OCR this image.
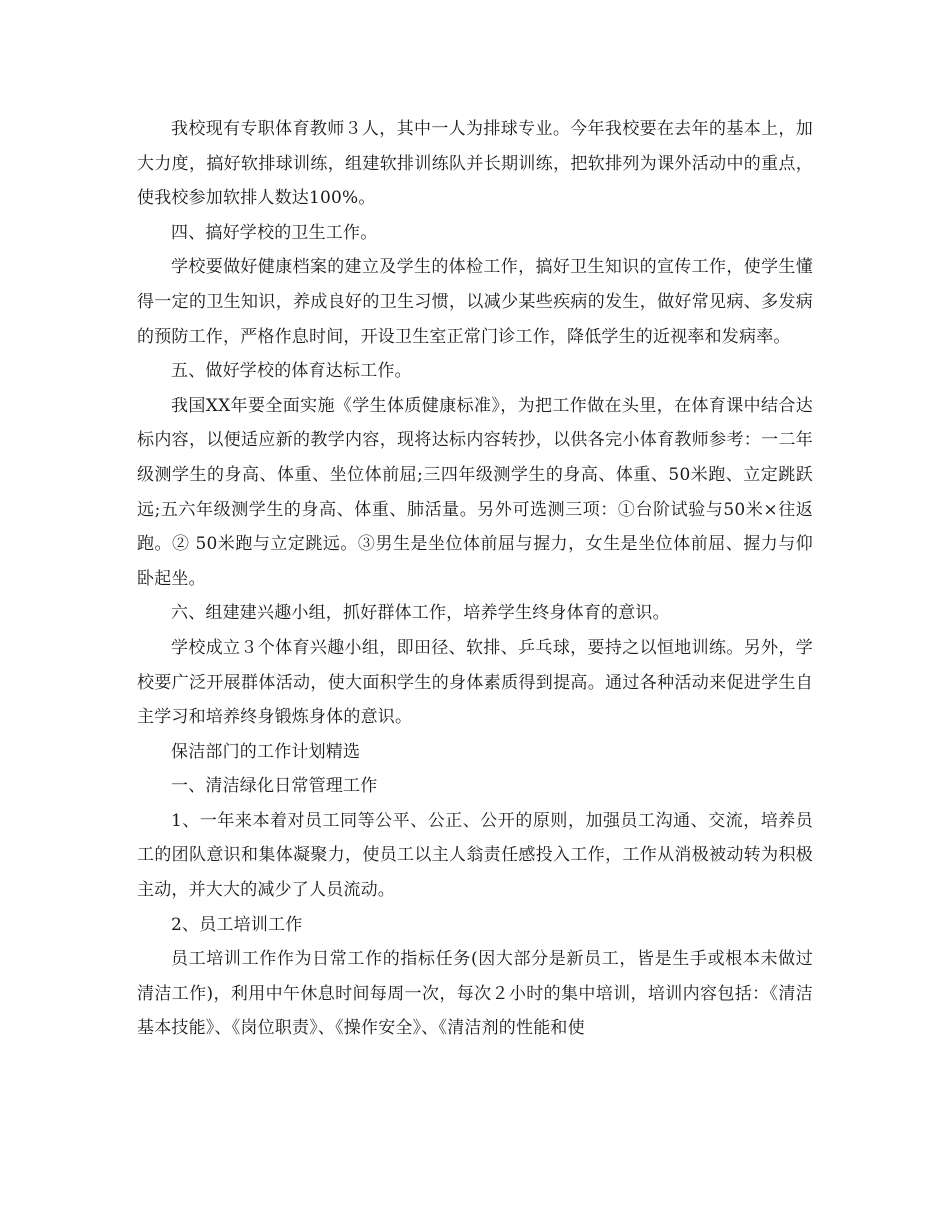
我校现有专职体育教师３人，其中一人为排球专业。今年我校要在去年的基本上，加大力度，搞好软排球训练，组建软排训练队并长期训练，把软排列为课外活动中的重点，使我校参加软排人数达100%。

四、搞好学校的卫生工作。

学校要做好健康档案的建立及学生的体检工作，搞好卫生知识的宣传工作，使学生懂得一定的卫生知识，养成良好的卫生习惯，以减少某些疾病的发生，做好常见病、多发病的预防工作，严格作息时间，开设卫生室正常门诊工作，降低学生的近视率和发病率。

五、做好学校的体育达标工作。

我国XX年要全面实施《学生体质健康标准》，为把工作做在头里，在体育课中结合达标内容，以便适应新的教学内容，现将达标内容转抄，以供各完小体育教师参考：一二年级测学生的身高、体重、坐位体前屈;三四年级测学生的身高、体重、50米跑、立定跳跃远;五六年级测学生的身高、体重、肺活量。另外可选测三项：①台阶试验与50米×往返跑。② 50米跑与立定跳远。③男生是坐位体前屈与握力，女生是坐位体前屈、握力与仰卧起坐。

六、组建建兴趣小组，抓好群体工作，培养学生终身体育的意识。

学校成立３个体育兴趣小组，即田径、软排、乒乓球，要持之以恒地训练。另外，学校要广泛开展群体活动，使大面积学生的身体素质得到提高。通过各种活动来促进学生自主学习和培养终身锻炼身体的意识。

保洁部门的工作计划精选

一、清洁绿化日常管理工作

1、一年来本着对员工同等公平、公正、公开的原则，加强员工沟通、交流，培养员工的团队意识和集体凝聚力，使员工以主人翁责任感投入工作，工作从消极被动转为积极主动，并大大的减少了人员流动。

2、员工培训工作

员工培训工作作为日常工作的指标任务(因大部分是新员工，皆是生手或根本未做过清洁工作)，利用中午休息时间每周一次，每次２小时的集中培训，培训内容包括：《清洁基本技能》、《岗位职责》、《操作安全》、《清洁剂的性能和使
